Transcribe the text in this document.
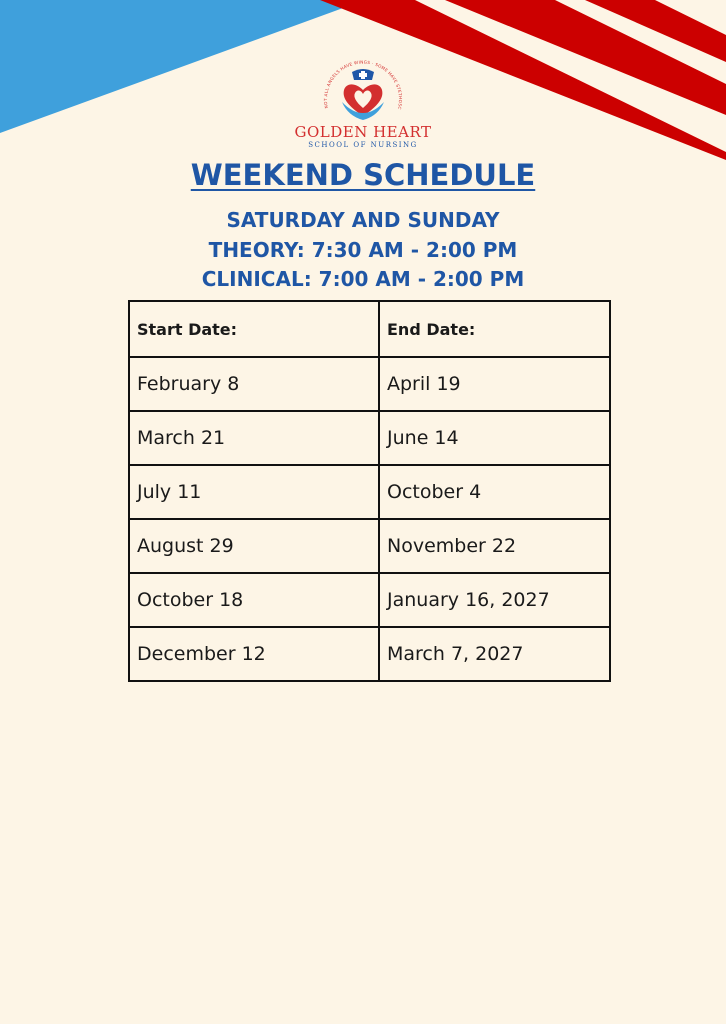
NOT ALL ANGELS HAVE WINGS · SOME HAVE STETHOSC
GOLDEN HEART
SCHOOL OF NURSING
WEEKEND SCHEDULE
SATURDAY AND SUNDAY
THEORY: 7:30 AM - 2:00 PM
CLINICAL: 7:00 AM - 2:00 PM
Start Date:	End Date:
February 8	April 19
March 21	June 14
July 11	October 4
August 29	November 22
October 18	January 16, 2027
December 12	March 7, 2027
